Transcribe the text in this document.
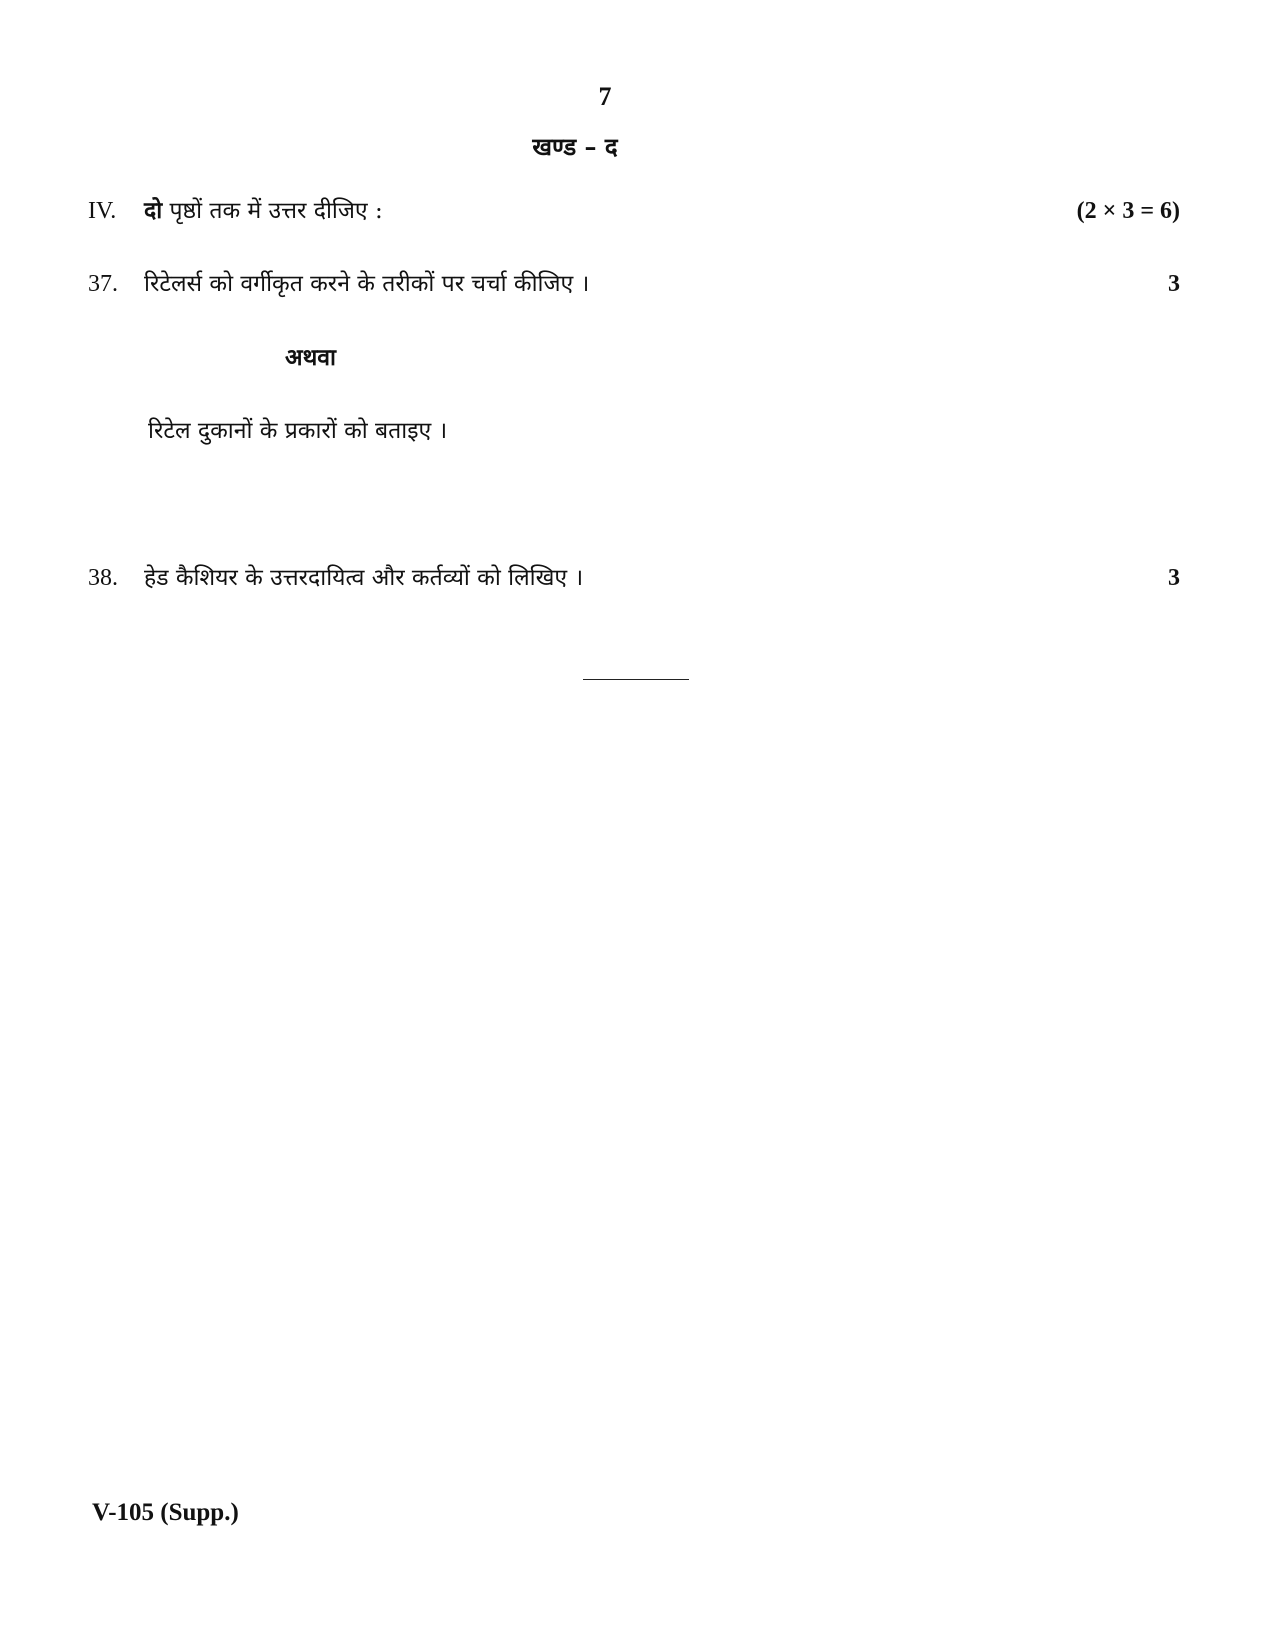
7
खण्ड – द
IV.	दो पृष्ठों तक में उत्तर दीजिए :	(2 × 3 = 6)
37.	रिटेलर्स को वर्गीकृत करने के तरीकों पर चर्चा कीजिए ।	3
अथवा
रिटेल दुकानों के प्रकारों को बताइए ।
38.	हेड कैशियर के उत्तरदायित्व और कर्तव्यों को लिखिए ।	3
V-105 (Supp.)
